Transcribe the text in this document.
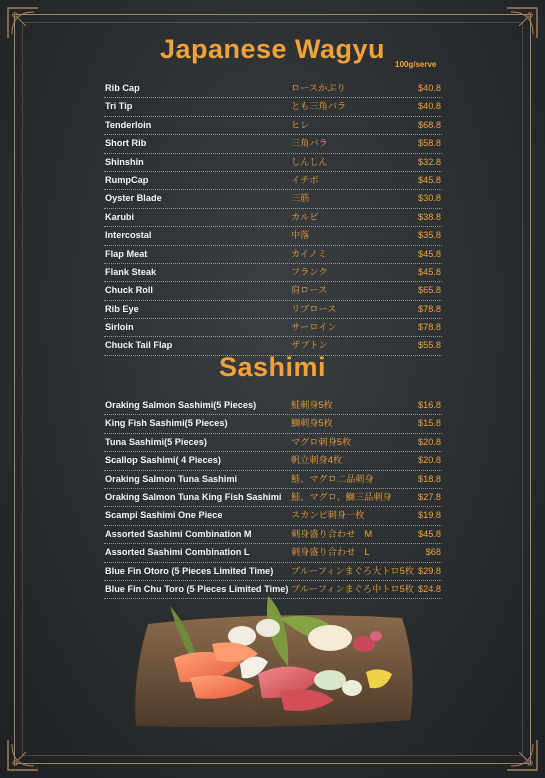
Japanese Wagyu
100g/serve
Rib Cap	ロースかぶり	$40.8
Tri Tip	とも三角バラ	$40.8
Tenderloin	ヒレ	$68.8
Short Rib	三角バラ	$58.8
Shinshin	しんしん	$32.8
RumpCap	イチボ	$45.8
Oyster Blade	三筋	$30.8
Karubi	カルビ	$38.8
Intercostal	中落	$35.8
Flap Meat	カイノミ	$45.8
Flank Steak	フランク	$45.8
Chuck Roll	肩ロース	$65.8
Rib Eye	リブロース	$78.8
Sirloin	サーロイン	$78.8
Chuck Tail Flap	ザブトン	$55.8
Sashimi
Oraking Salmon Sashimi(5 Pieces)	鮭刺身5枚	$16.8
King Fish Sashimi(5 Pieces)	鰤刺身5枚	$15.8
Tuna Sashimi(5 Pieces)	マグロ刺身5枚	$20.8
Scallop Sashimi( 4 Pieces)	帆立刺身4枚	$20.8
Oraking Salmon Tuna Sashimi	鮭、マグロ二品刺身	$18.8
Oraking Salmon Tuna King Fish Sashimi 鮭、マグロ、鰤三品刺身	$27.8
Scampi Sashimi One Piece	スカンピ刺身一枚	$19.8
Assorted Sashimi Combination M	刺身盛り合わせ　M	$45.8
Assorted Sashimi Combination L	刺身盛り合わせ　L	$68
Blue Fin Otoro (5 Pieces Limited Time) ブルーフィンまぐろ大トロ5枚 $29.8
Blue Fin Chu Toro (5 Pieces Limited Time) ブルーフィンまぐろ中トロ5枚 $24.8
